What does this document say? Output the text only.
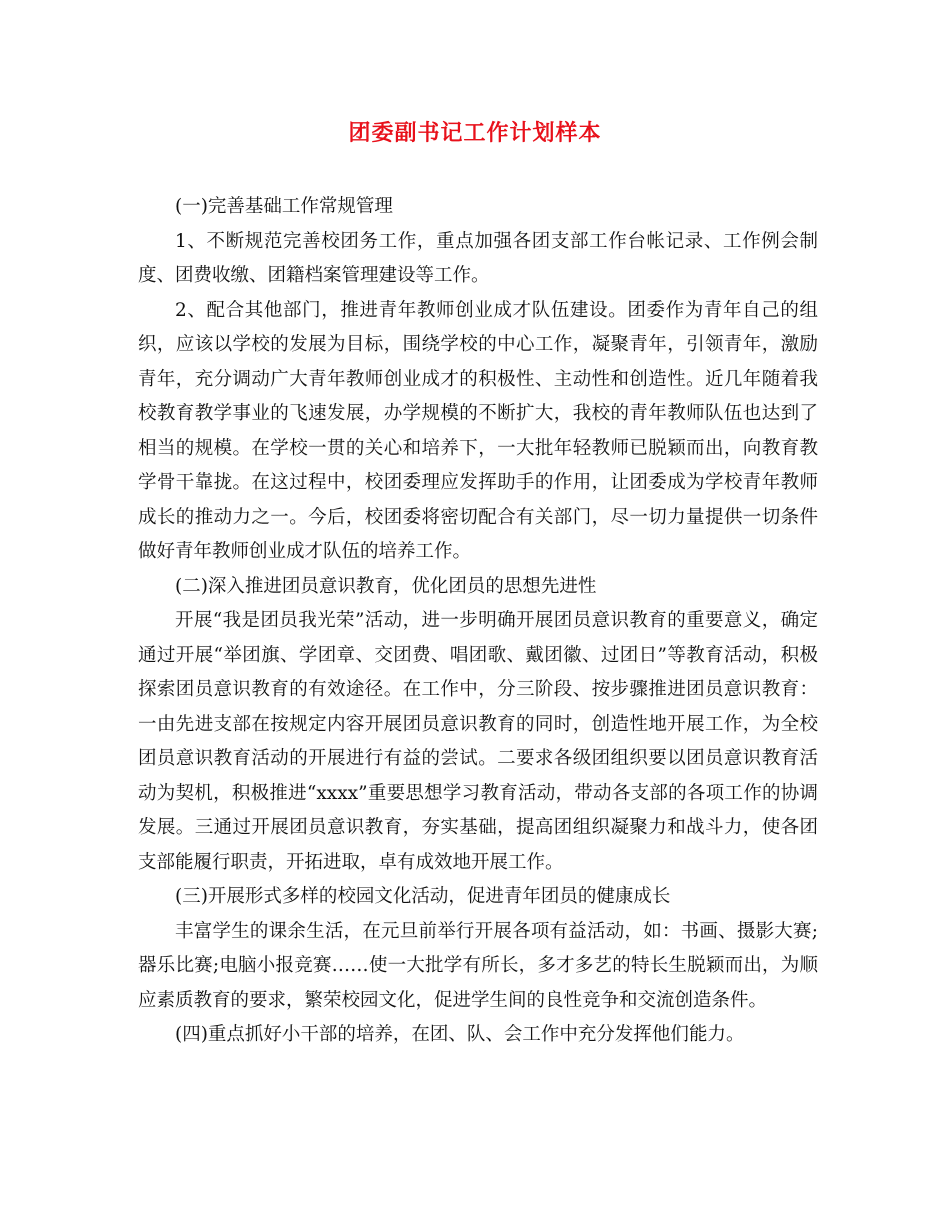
团委副书记工作计划样本

(一)完善基础工作常规管理

1、不断规范完善校团务工作，重点加强各团支部工作台帐记录、工作例会制度、团费收缴、团籍档案管理建设等工作。

2、配合其他部门，推进青年教师创业成才队伍建设。团委作为青年自己的组织，应该以学校的发展为目标，围绕学校的中心工作，凝聚青年，引领青年，激励青年，充分调动广大青年教师创业成才的积极性、主动性和创造性。近几年随着我校教育教学事业的飞速发展，办学规模的不断扩大，我校的青年教师队伍也达到了相当的规模。在学校一贯的关心和培养下，一大批年轻教师已脱颖而出，向教育教学骨干靠拢。在这过程中，校团委理应发挥助手的作用，让团委成为学校青年教师成长的推动力之一。今后，校团委将密切配合有关部门，尽一切力量提供一切条件做好青年教师创业成才队伍的培养工作。

(二)深入推进团员意识教育，优化团员的思想先进性

开展“我是团员我光荣”活动，进一步明确开展团员意识教育的重要意义，确定通过开展“举团旗、学团章、交团费、唱团歌、戴团徽、过团日”等教育活动，积极探索团员意识教育的有效途径。在工作中，分三阶段、按步骤推进团员意识教育：一由先进支部在按规定内容开展团员意识教育的同时，创造性地开展工作，为全校团员意识教育活动的开展进行有益的尝试。二要求各级团组织要以团员意识教育活动为契机，积极推进“xxxx”重要思想学习教育活动，带动各支部的各项工作的协调发展。三通过开展团员意识教育，夯实基础，提高团组织凝聚力和战斗力，使各团支部能履行职责，开拓进取，卓有成效地开展工作。

(三)开展形式多样的校园文化活动，促进青年团员的健康成长

丰富学生的课余生活，在元旦前举行开展各项有益活动，如：书画、摄影大赛;器乐比赛;电脑小报竞赛……使一大批学有所长，多才多艺的特长生脱颖而出，为顺应素质教育的要求，繁荣校园文化，促进学生间的良性竞争和交流创造条件。

(四)重点抓好小干部的培养，在团、队、会工作中充分发挥他们能力。
